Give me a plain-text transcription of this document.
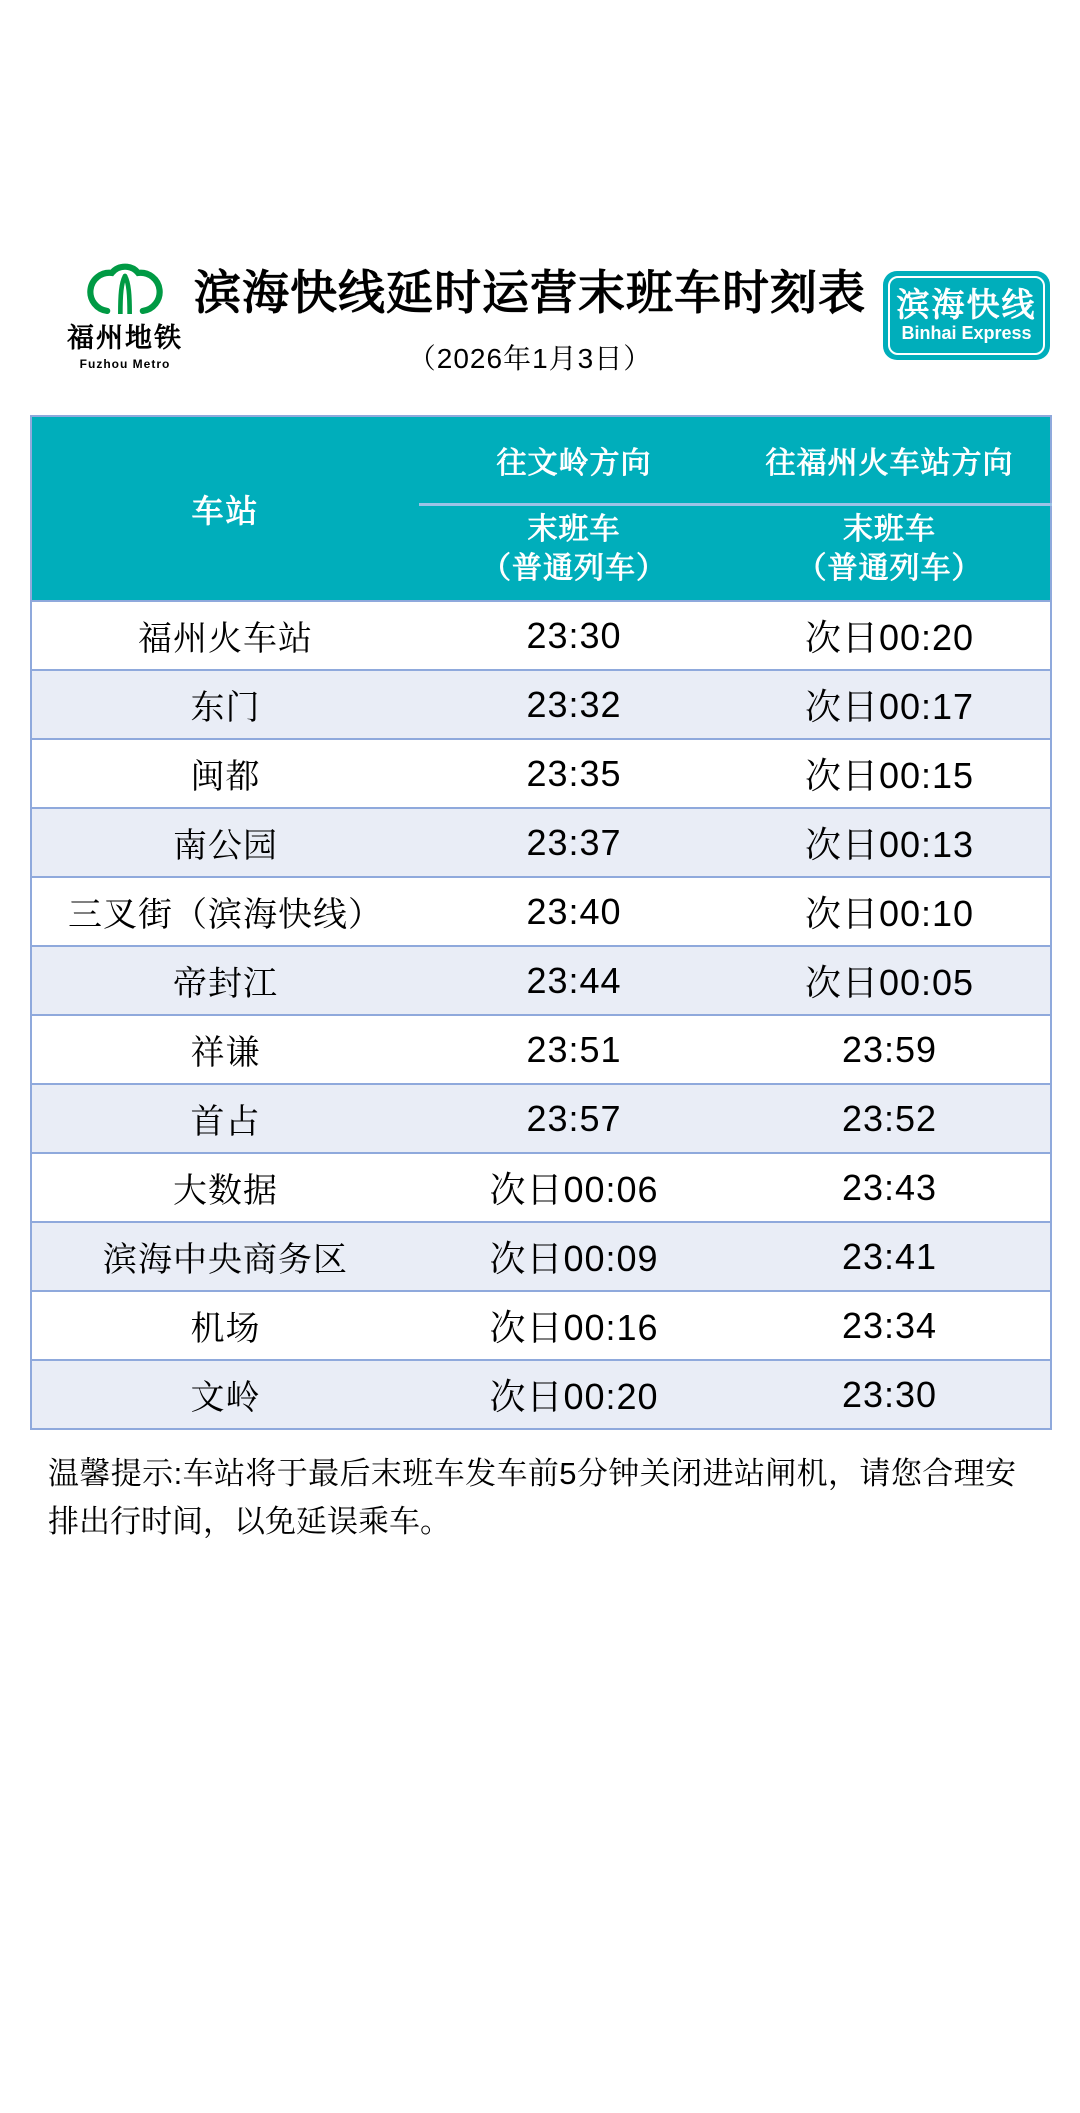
福州地铁
Fuzhou Metro
滨海快线延时运营末班车时刻表
（2026年1月3日）
滨海快线
Binhai Express
车站	往文岭方向	往福州火车站方向

末班车
（普通列车）

末班车
（普通列车）

福州火车站	23:30	次日00:20
东门	23:32	次日00:17
闽都	23:35	次日00:15
南公园	23:37	次日00:13
三叉街（滨海快线）	23:40	次日00:10
帝封江	23:44	次日00:05
祥谦	23:51	23:59
首占	23:57	23:52
大数据	次日00:06	23:43
滨海中央商务区	次日00:09	23:41
机场	次日00:16	23:34
文岭	次日00:20	23:30
温馨提示:车站将于最后末班车发车前5分钟关闭进站闸机，请您合理安排出行时间，以免延误乘车。
